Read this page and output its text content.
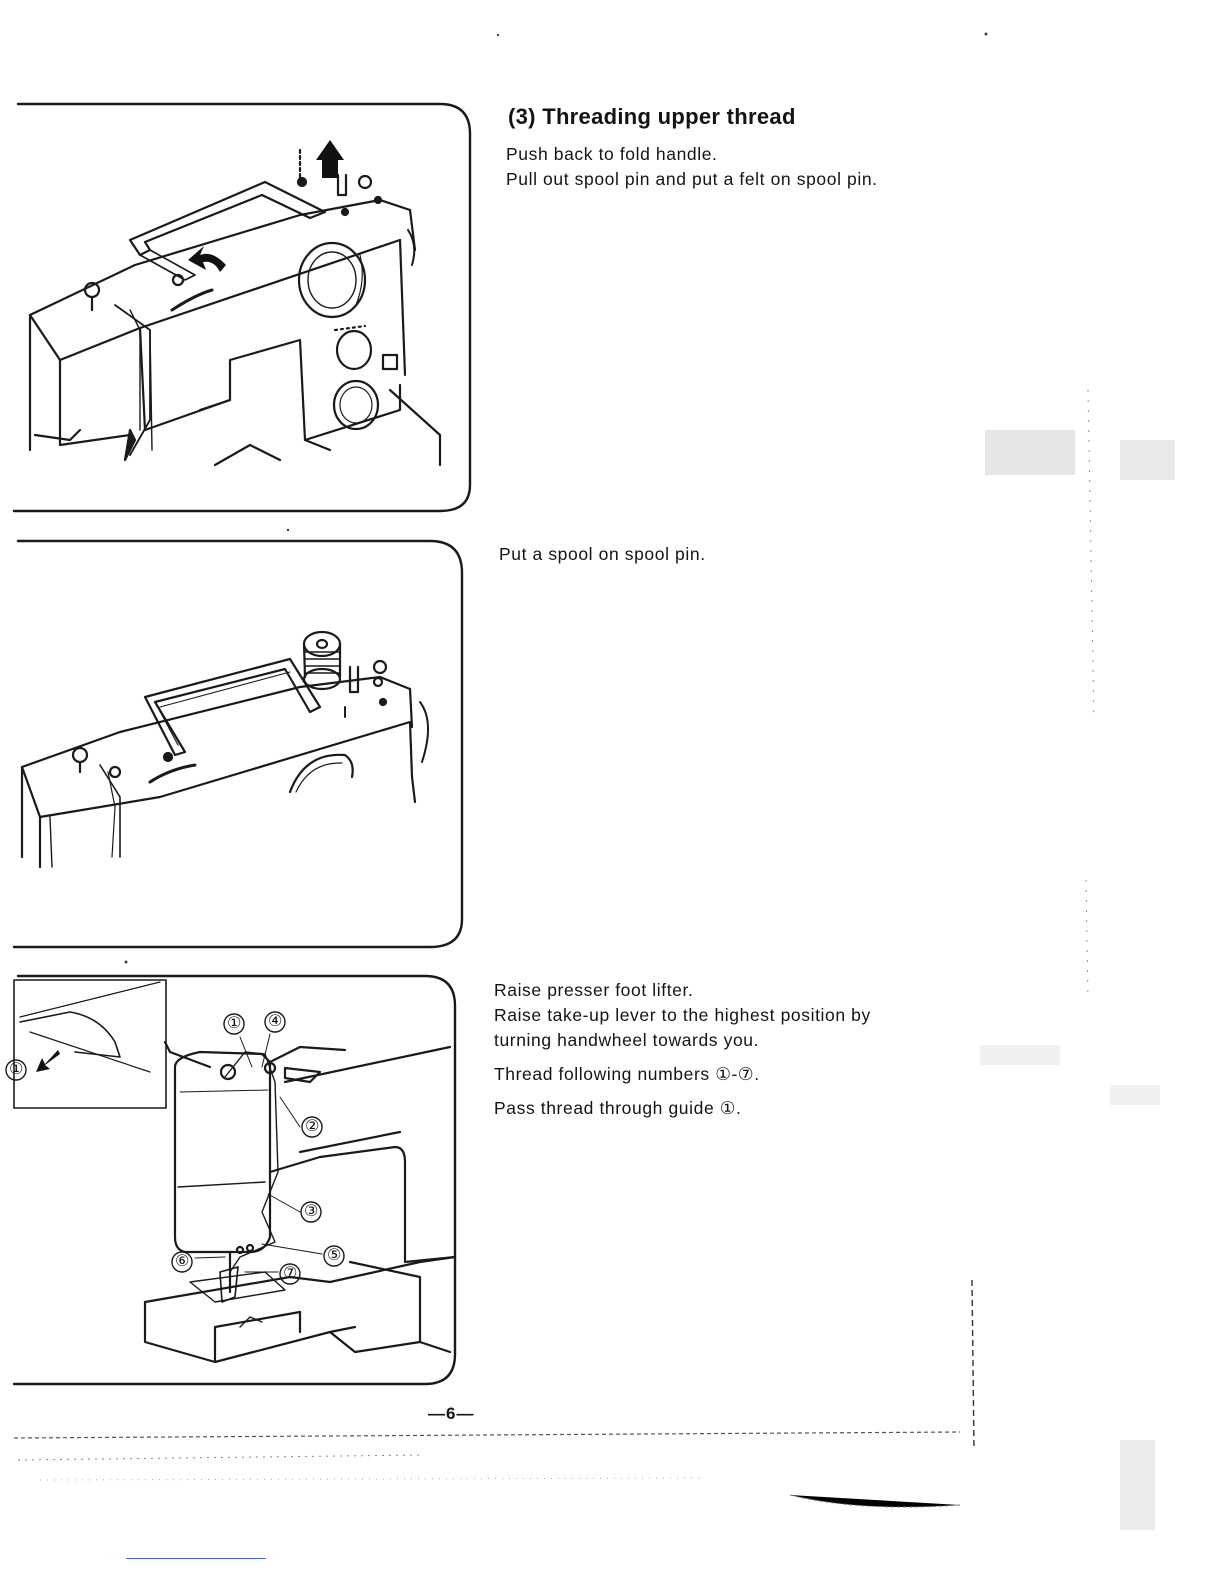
(3) Threading upper thread
Push back to fold handle.
Pull out spool pin and put a felt on spool pin.
Put a spool on spool pin.
① ④
②
③
⑤
⑥
⑦
①
Raise presser foot lifter.
Raise take-up lever to the highest position by
turning handwheel towards you.
Thread following numbers ①-⑦.
Pass thread through guide ①.
—6—
